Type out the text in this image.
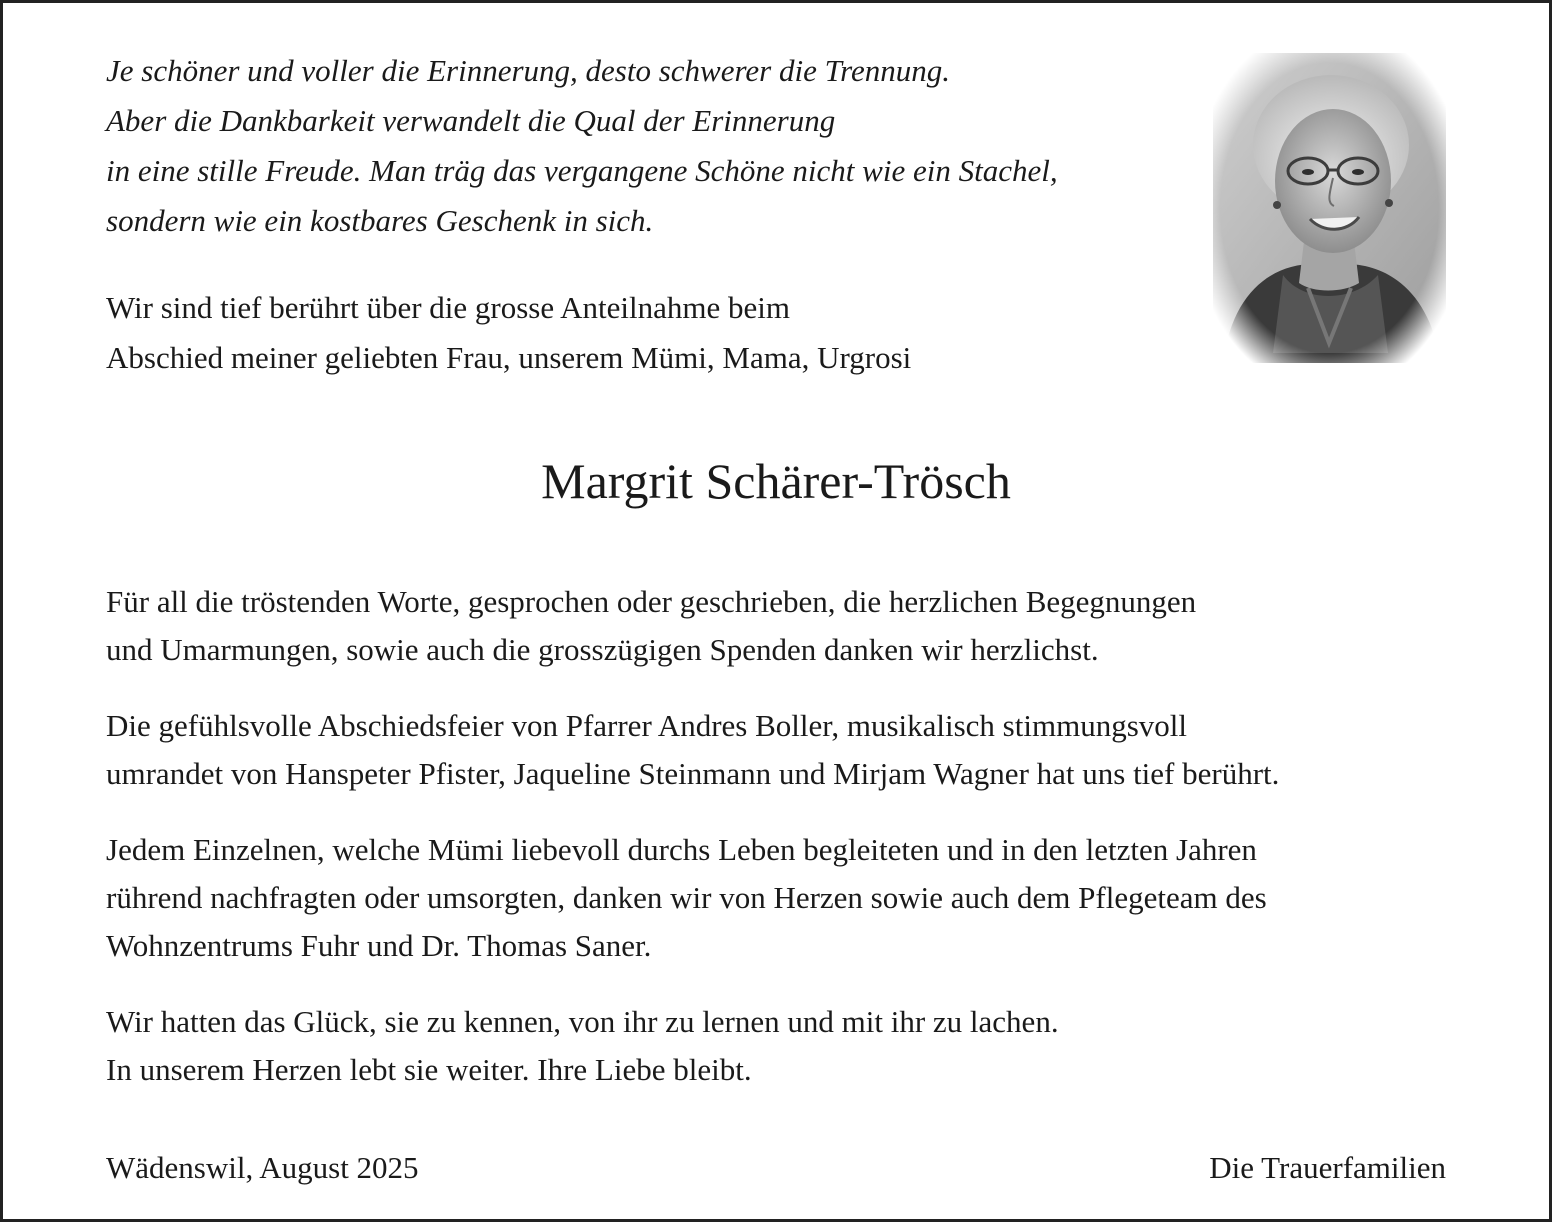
Je schöner und voller die Erinnerung, desto schwerer die Trennung.
Aber die Dankbarkeit verwandelt die Qual der Erinnerung
in eine stille Freude. Man träg das vergangene Schöne nicht wie ein Stachel,
sondern wie ein kostbares Geschenk in sich.
Wir sind tief berührt über die grosse Anteilnahme beim
Abschied meiner geliebten Frau, unserem Mümi, Mama, Urgrosi
Margrit Schärer-Trösch
Für all die tröstenden Worte, gesprochen oder geschrieben, die herzlichen Begegnungen
und Umarmungen, sowie auch die grosszügigen Spenden danken wir herzlichst.
Die gefühlsvolle Abschiedsfeier von Pfarrer Andres Boller, musikalisch stimmungsvoll
umrandet von Hanspeter Pfister, Jaqueline Steinmann und Mirjam Wagner hat uns tief berührt.
Jedem Einzelnen, welche Mümi liebevoll durchs Leben begleiteten und in den letzten Jahren
rührend nachfragten oder umsorgten, danken wir von Herzen sowie auch dem Pflegeteam des
Wohnzentrums Fuhr und Dr. Thomas Saner.
Wir hatten das Glück, sie zu kennen, von ihr zu lernen und mit ihr zu lachen.
In unserem Herzen lebt sie weiter. Ihre Liebe bleibt.
Wädenswil, August 2025	Die Trauerfamilien
